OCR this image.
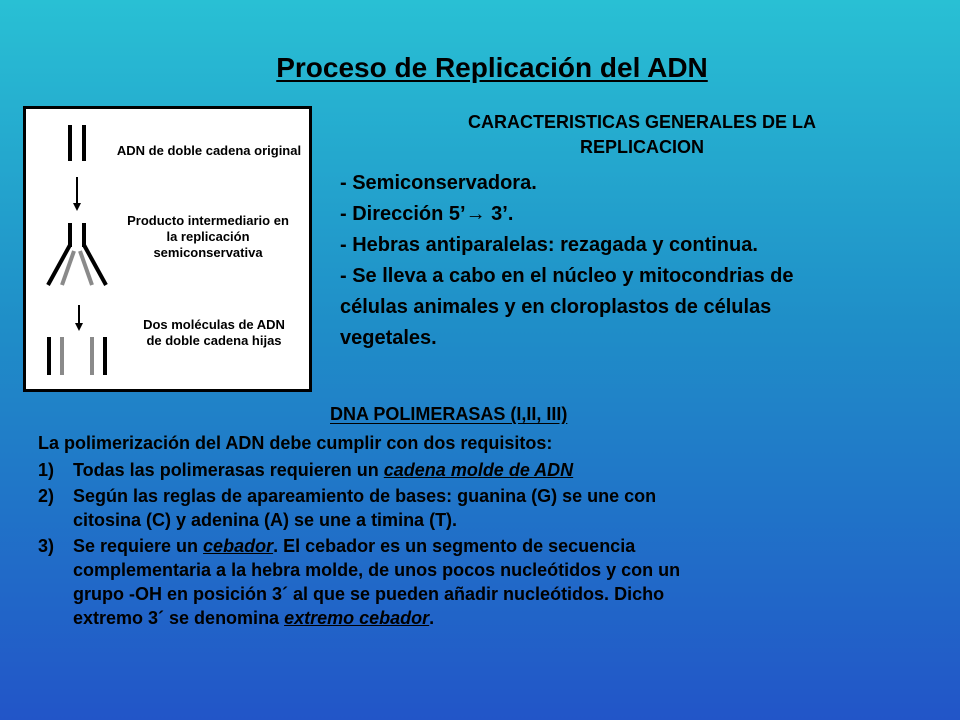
Proceso de Replicación del ADN
ADN de doble cadena original
Producto intermediario en la replicación semiconservativa
Dos moléculas de ADN de doble cadena hijas
CARACTERISTICAS GENERALES DE LA
REPLICACION
- Semiconservadora.
- Dirección 5’→ 3’.
- Hebras antiparalelas: rezagada y continua.
- Se lleva a cabo en el núcleo y mitocondrias de
células animales y en cloroplastos de células
vegetales.
DNA POLIMERASAS (I,II, III)
La polimerización del ADN debe cumplir con dos requisitos:
1) Todas las polimerasas requieren un cadena molde de ADN
2) Según las reglas de apareamiento de bases: guanina (G) se une con
citosina (C) y adenina (A) se une a timina (T).
3) Se requiere un cebador. El cebador es un segmento de secuencia
complementaria a la hebra molde, de unos pocos nucleótidos y con un
grupo -OH en posición 3´ al que se pueden añadir nucleótidos. Dicho
extremo 3´ se denomina extremo cebador.
